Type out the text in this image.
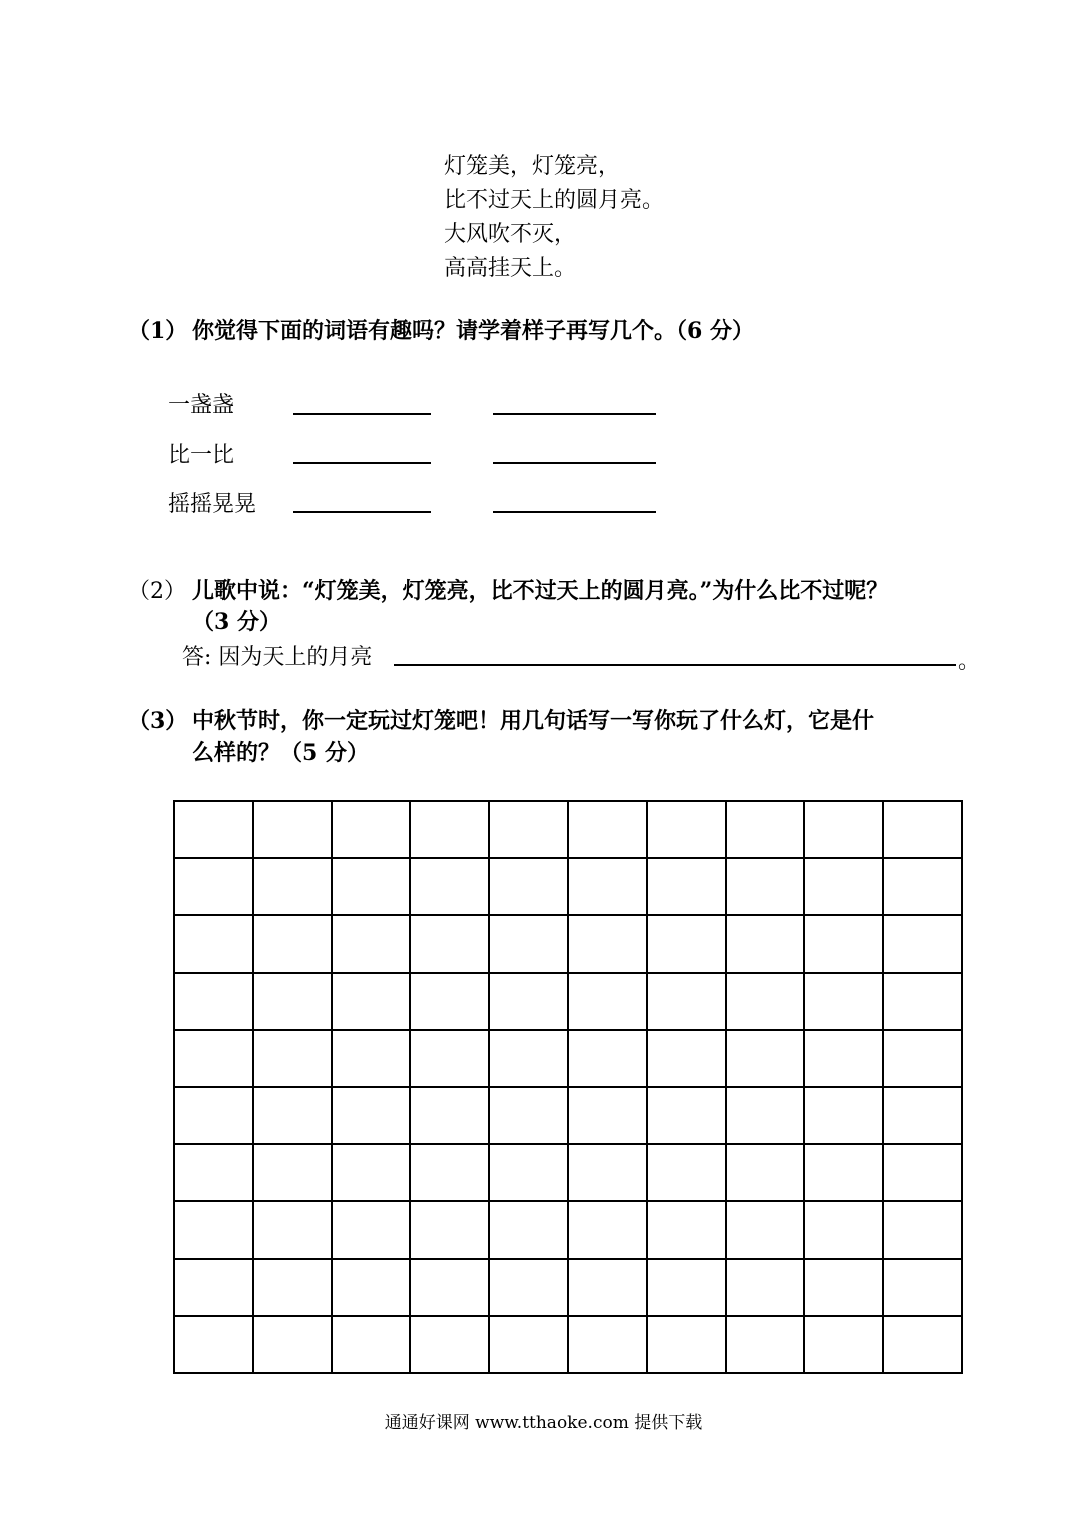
灯笼美，灯笼亮，
比不过天上的圆月亮。
大风吹不灭，
高高挂天上。
（1） 你觉得下面的词语有趣吗？请学着样子再写几个。（6 分）
一盏盏
比一比
摇摇晃晃
（2） 儿歌中说：“灯笼美，灯笼亮，比不过天上的圆月亮。”为什么比不过呢？
（3 分）
答: 因为天上的月亮	。
（3） 中秋节时，你一定玩过灯笼吧！用几句话写一写你玩了什么灯，它是什
么样的？（5 分）

通通好课网 www.tthaoke.com 提供下载
